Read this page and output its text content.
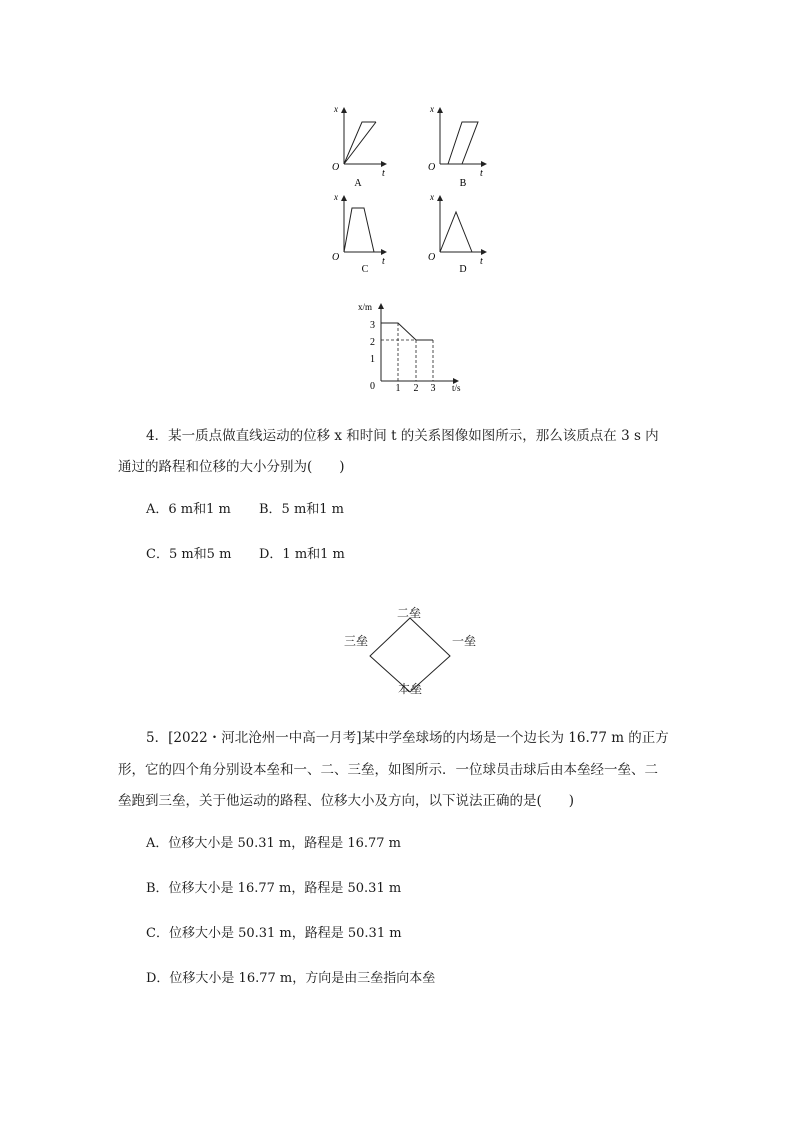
x
O
t
A
x
O
t
B
x
O	t
C
x
O	t
D
x/m
t/s
0
3
2
1
1 2 3
4．某一质点做直线运动的位移 x 和时间 t 的关系图像如图所示，那么该质点在 3 s 内
通过的路程和位移的大小分别为(　　)
A．6 m和1 m B．5 m和1 m
C．5 m和5 m D．1 m和1 m
二垒
三垒	一垒
本垒
5．[2022・河北沧州一中高一月考]某中学垒球场的内场是一个边长为 16.77 m 的正方
形，它的四个角分别设本垒和一、二、三垒，如图所示．一位球员击球后由本垒经一垒、二
垒跑到三垒，关于他运动的路程、位移大小及方向，以下说法正确的是(　　)
A．位移大小是 50.31 m，路程是 16.77 m
B．位移大小是 16.77 m，路程是 50.31 m
C．位移大小是 50.31 m，路程是 50.31 m
D．位移大小是 16.77 m，方向是由三垒指向本垒
